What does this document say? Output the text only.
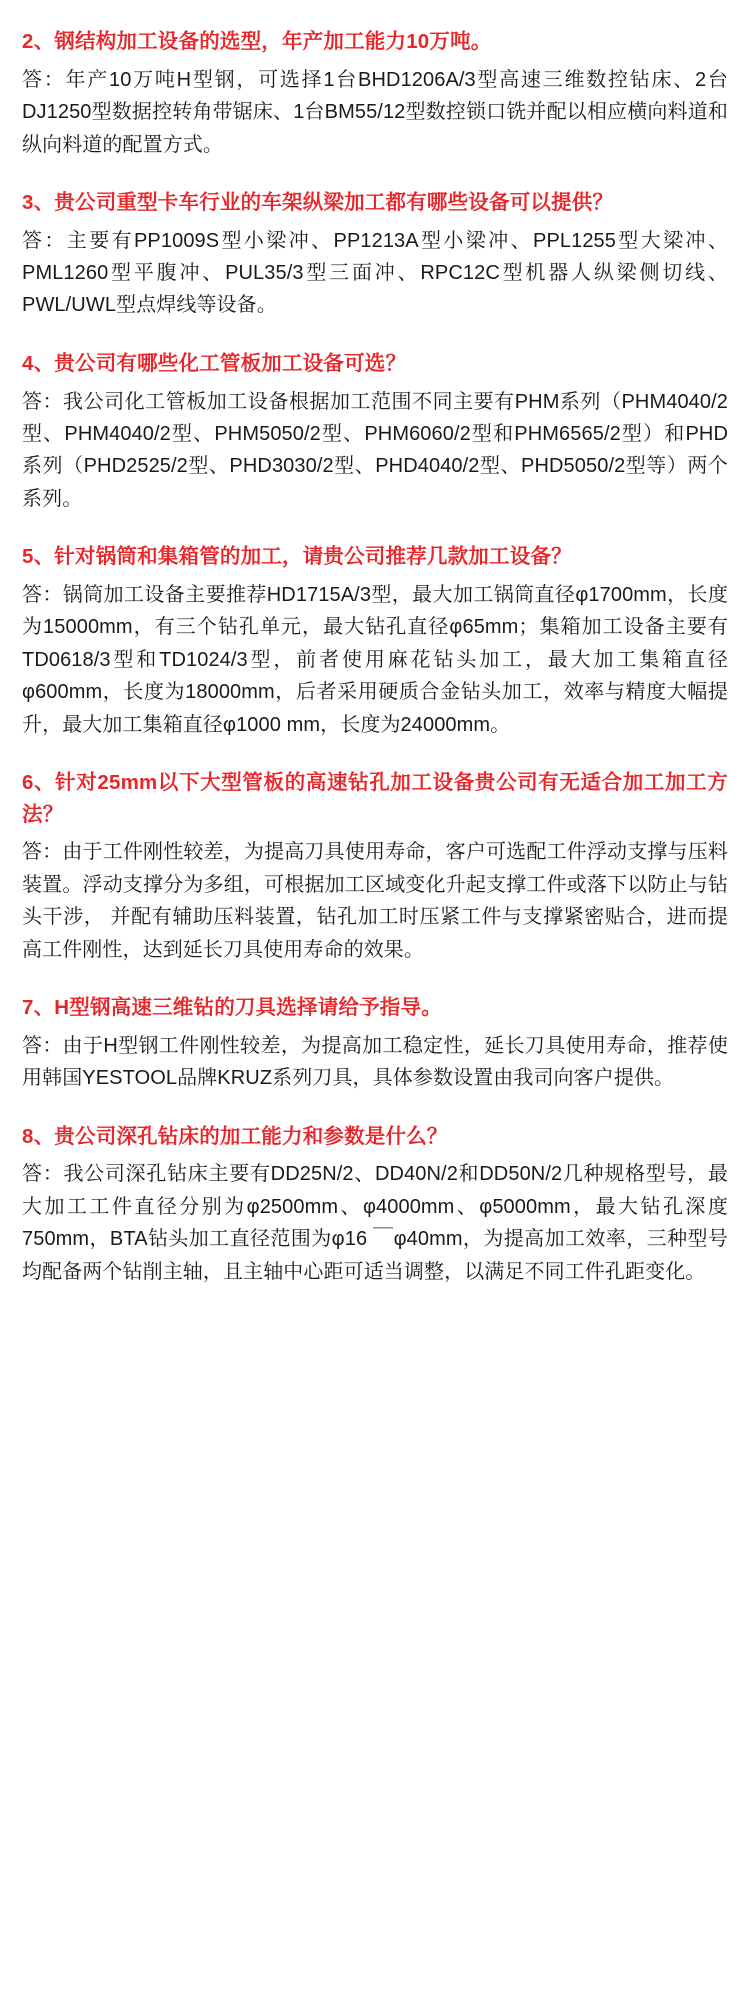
2、钢结构加工设备的选型，年产加工能力10万吨。

答：年产10万吨H型钢，可选择1台BHD1206A/3型高速三维数控钻床、2台DJ1250型数据控转角带锯床、1台BM55/12型数控锁口铣并配以相应横向料道和纵向料道的配置方式。

3、贵公司重型卡车行业的车架纵梁加工都有哪些设备可以提供？

答：主要有PP1009S型小梁冲、PP1213A型小梁冲、PPL1255型大梁冲、PML1260型平腹冲、PUL35/3型三面冲、RPC12C型机器人纵梁侧切线、PWL/UWL型点焊线等设备。

4、贵公司有哪些化工管板加工设备可选？

答：我公司化工管板加工设备根据加工范围不同主要有PHM系列（PHM4040/2型、PHM4040/2型、PHM5050/2型、PHM6060/2型和PHM6565/2型）和PHD系列（PHD2525/2型、PHD3030/2型、PHD4040/2型、PHD5050/2型等）两个系列。

5、针对锅筒和集箱管的加工，请贵公司推荐几款加工设备？

答：锅筒加工设备主要推荐HD1715A/3型，最大加工锅筒直径φ1700mm，长度为15000mm，有三个钻孔单元，最大钻孔直径φ65mm；集箱加工设备主要有TD0618/3型和TD1024/3型，前者使用麻花钻头加工，最大加工集箱直径φ600mm，长度为18000mm，后者采用硬质合金钻头加工，效率与精度大幅提升，最大加工集箱直径φ1000 mm，长度为24000mm。

6、针对25mm以下大型管板的高速钻孔加工设备贵公司有无适合加工加工方法？

答：由于工件刚性较差，为提高刀具使用寿命，客户可选配工件浮动支撑与压料装置。浮动支撑分为多组，可根据加工区域变化升起支撑工件或落下以防止与钻头干涉， 并配有辅助压料装置，钻孔加工时压紧工件与支撑紧密贴合，进而提高工件刚性，达到延长刀具使用寿命的效果。

7、H型钢高速三维钻的刀具选择请给予指导。

答：由于H型钢工件刚性较差，为提高加工稳定性，延长刀具使用寿命，推荐使用韩国YESTOOL品牌KRUZ系列刀具，具体参数设置由我司向客户提供。

8、贵公司深孔钻床的加工能力和参数是什么？

答：我公司深孔钻床主要有DD25N/2、DD40N/2和DD50N/2几种规格型号，最大加工工件直径分别为φ2500mm、φ4000mm、φ5000mm，最大钻孔深度750mm，BTA钻头加工直径范围为φ16 ￣φ40mm，为提高加工效率，三种型号均配备两个钻削主轴，且主轴中心距可适当调整，以满足不同工件孔距变化。
